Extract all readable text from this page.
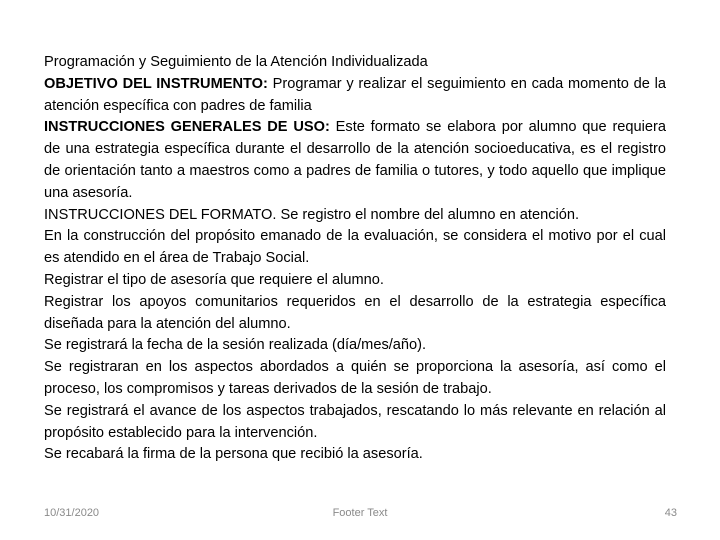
Programación y Seguimiento de la Atención Individualizada

OBJETIVO DEL INSTRUMENTO: Programar y realizar el seguimiento en cada momento de la atención específica con padres de familia

INSTRUCCIONES GENERALES DE USO: Este formato se elabora por alumno que requiera de una estrategia específica durante el desarrollo de la atención socioeducativa, es el registro de orientación tanto a maestros como a padres de familia o tutores, y todo aquello que implique una asesoría.

INSTRUCCIONES DEL FORMATO. Se registro el nombre del alumno en atención.

En la construcción del propósito emanado de la evaluación, se considera el motivo por el cual es atendido en el área de Trabajo Social.

Registrar el tipo de asesoría que requiere el alumno.

Registrar los apoyos comunitarios requeridos en el desarrollo de la estrategia específica diseñada para la atención del alumno.

Se registrará la fecha de la sesión realizada (día/mes/año).

Se registraran en los aspectos abordados a quién se proporciona la asesoría, así como el proceso, los compromisos y tareas derivados de la sesión de trabajo.

Se registrará el avance de los aspectos trabajados, rescatando lo más relevante en relación al propósito establecido para la intervención.

Se recabará la firma de la persona que recibió la asesoría.

10/31/2020	Footer Text	43
